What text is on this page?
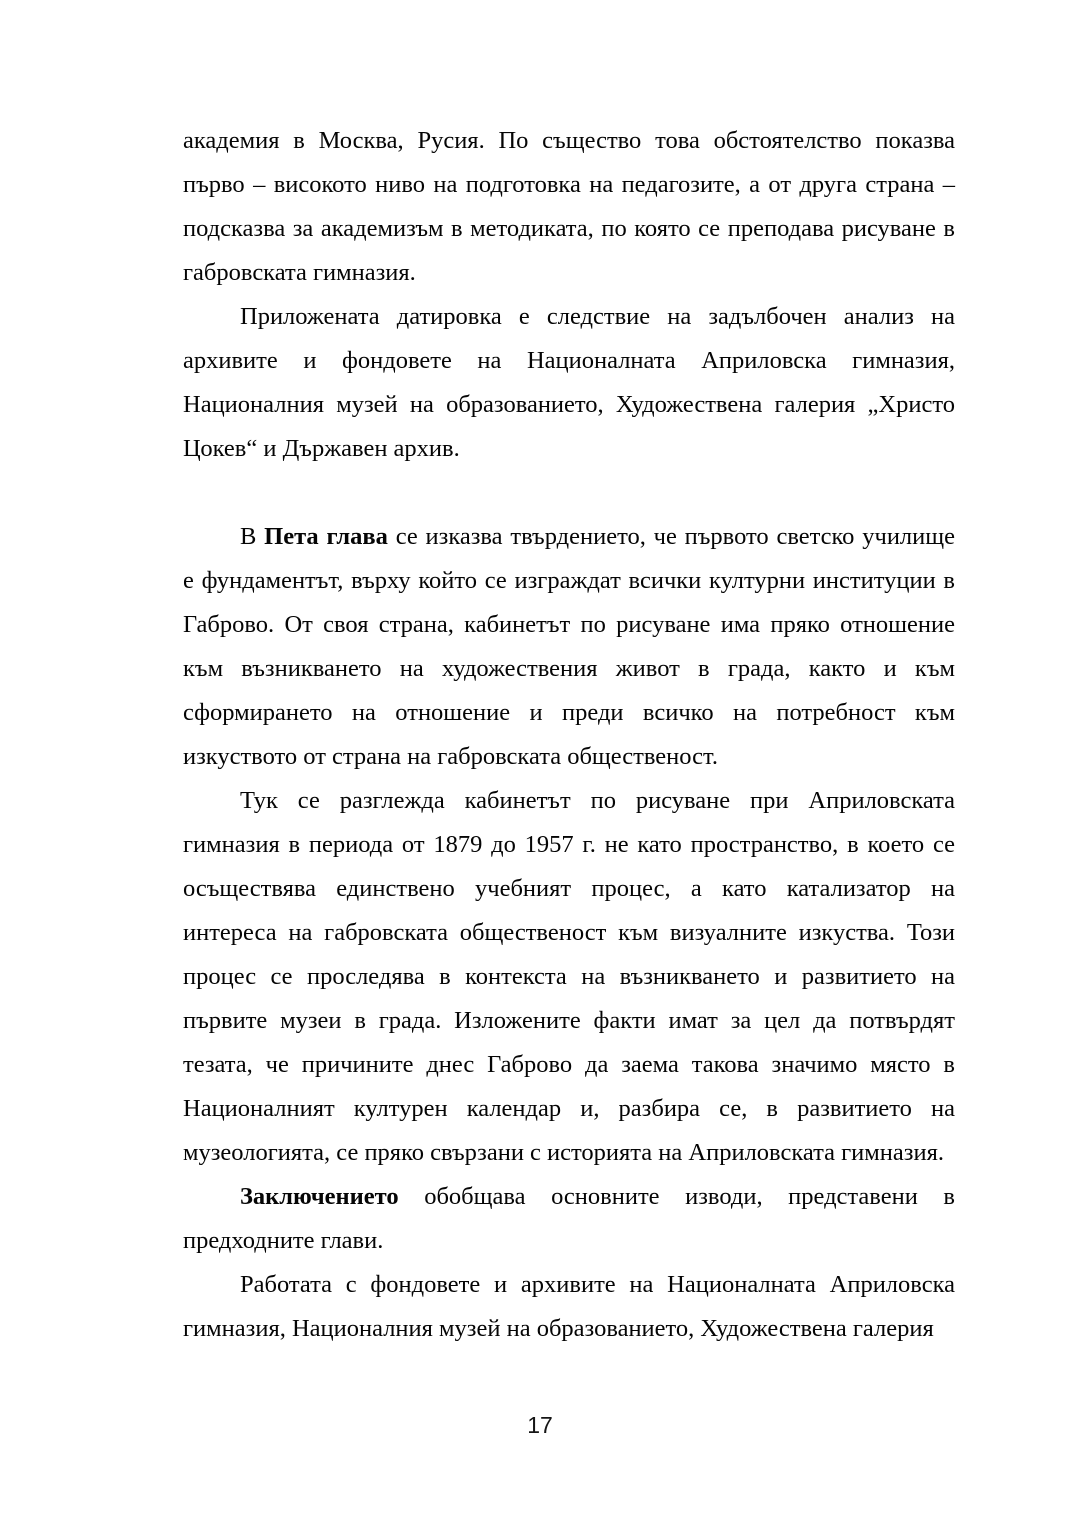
академия в Москва, Русия. По същество това обстоятелство показва първо – високото ниво на подготовка на педагозите, а от друга страна – подсказва за академизъм в методиката, по която се преподава рисуване в габровската гимназия.

Приложената датировка е следствие на задълбочен анализ на архивите и фондовете на Националната Априловска гимназия, Националния музей на образованието, Художествена галерия „Христо Цокев“ и Държавен архив.

В Пета глава се изказва твърдението, че първото светско училище е фундаментът, върху който се изграждат всички културни институции в Габрово. От своя страна, кабинетът по рисуване има пряко отношение към възникването на художествения живот в града, както и към сформирането на отношение и преди всичко на потребност към изкуството от страна на габровската общественост.

Тук се разглежда кабинетът по рисуване при Априловската гимназия в периода от 1879 до 1957 г. не като пространство, в което се осъществява единствено учебният процес, а като катализатор на интереса на габровската общественост към визуалните изкуства. Този процес се проследява в контекста на възникването и развитието на първите музеи в града. Изложените факти имат за цел да потвърдят тезата, че причините днес Габрово да заема такова значимо място в Националният културен календар и, разбира се, в развитието на музеологията, се пряко свързани с историята на Априловската гимназия.

Заключението обобщава основните изводи, представени в предходните глави.

Работата с фондовете и архивите на Националната Априловска гимназия, Националния музей на образованието, Художествена галерия

17
